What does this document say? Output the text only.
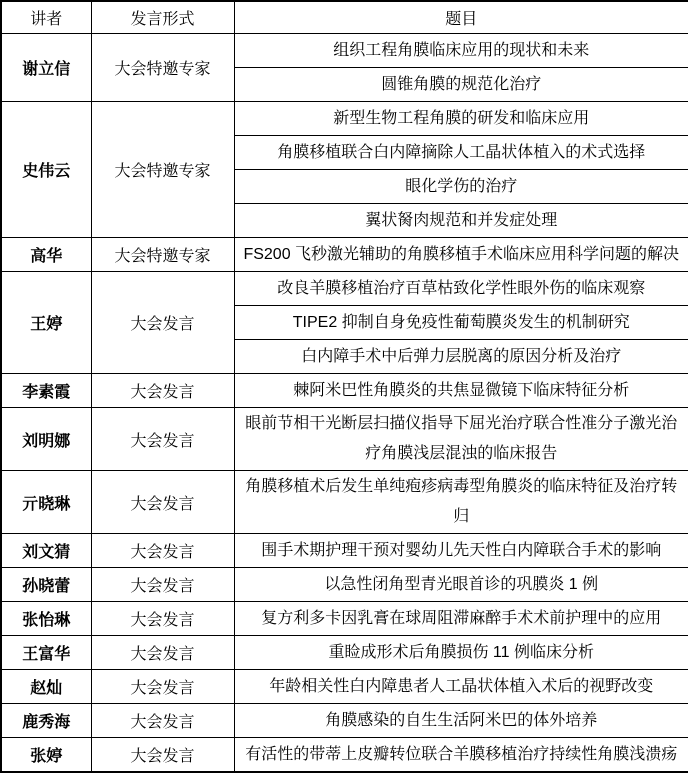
讲者	发言形式	题目
谢立信	大会特邀专家	组织工程角膜临床应用的现状和未来
		圆锥角膜的规范化治疗
史伟云	大会特邀专家	新型生物工程角膜的研发和临床应用
		角膜移植联合白内障摘除人工晶状体植入的术式选择
		眼化学伤的治疗
		翼状胬肉规范和并发症处理
高华	大会特邀专家	FS200 飞秒激光辅助的角膜移植手术临床应用科学问题的解决
王婷	大会发言	改良羊膜移植治疗百草枯致化学性眼外伤的临床观察
		TIPE2 抑制自身免疫性葡萄膜炎发生的机制研究
		白内障手术中后弹力层脱离的原因分析及治疗
李素霞	大会发言	棘阿米巴性角膜炎的共焦显微镜下临床特征分析
刘明娜	大会发言	眼前节相干光断层扫描仪指导下屈光治疗联合性准分子激光治疗角膜浅层混浊的临床报告
亓晓琳	大会发言	角膜移植术后发生单纯疱疹病毒型角膜炎的临床特征及治疗转归
刘文猜	大会发言	围手术期护理干预对婴幼儿先天性白内障联合手术的影响
孙晓蕾	大会发言	以急性闭角型青光眼首诊的巩膜炎 1 例
张怡琳	大会发言	复方利多卡因乳膏在球周阻滞麻醉手术术前护理中的应用
王富华	大会发言	重睑成形术后角膜损伤 11 例临床分析
赵灿	大会发言	年龄相关性白内障患者人工晶状体植入术后的视野改变
鹿秀海	大会发言	角膜感染的自生生活阿米巴的体外培养
张婷	大会发言	有活性的带蒂上皮瓣转位联合羊膜移植治疗持续性角膜浅溃疡
